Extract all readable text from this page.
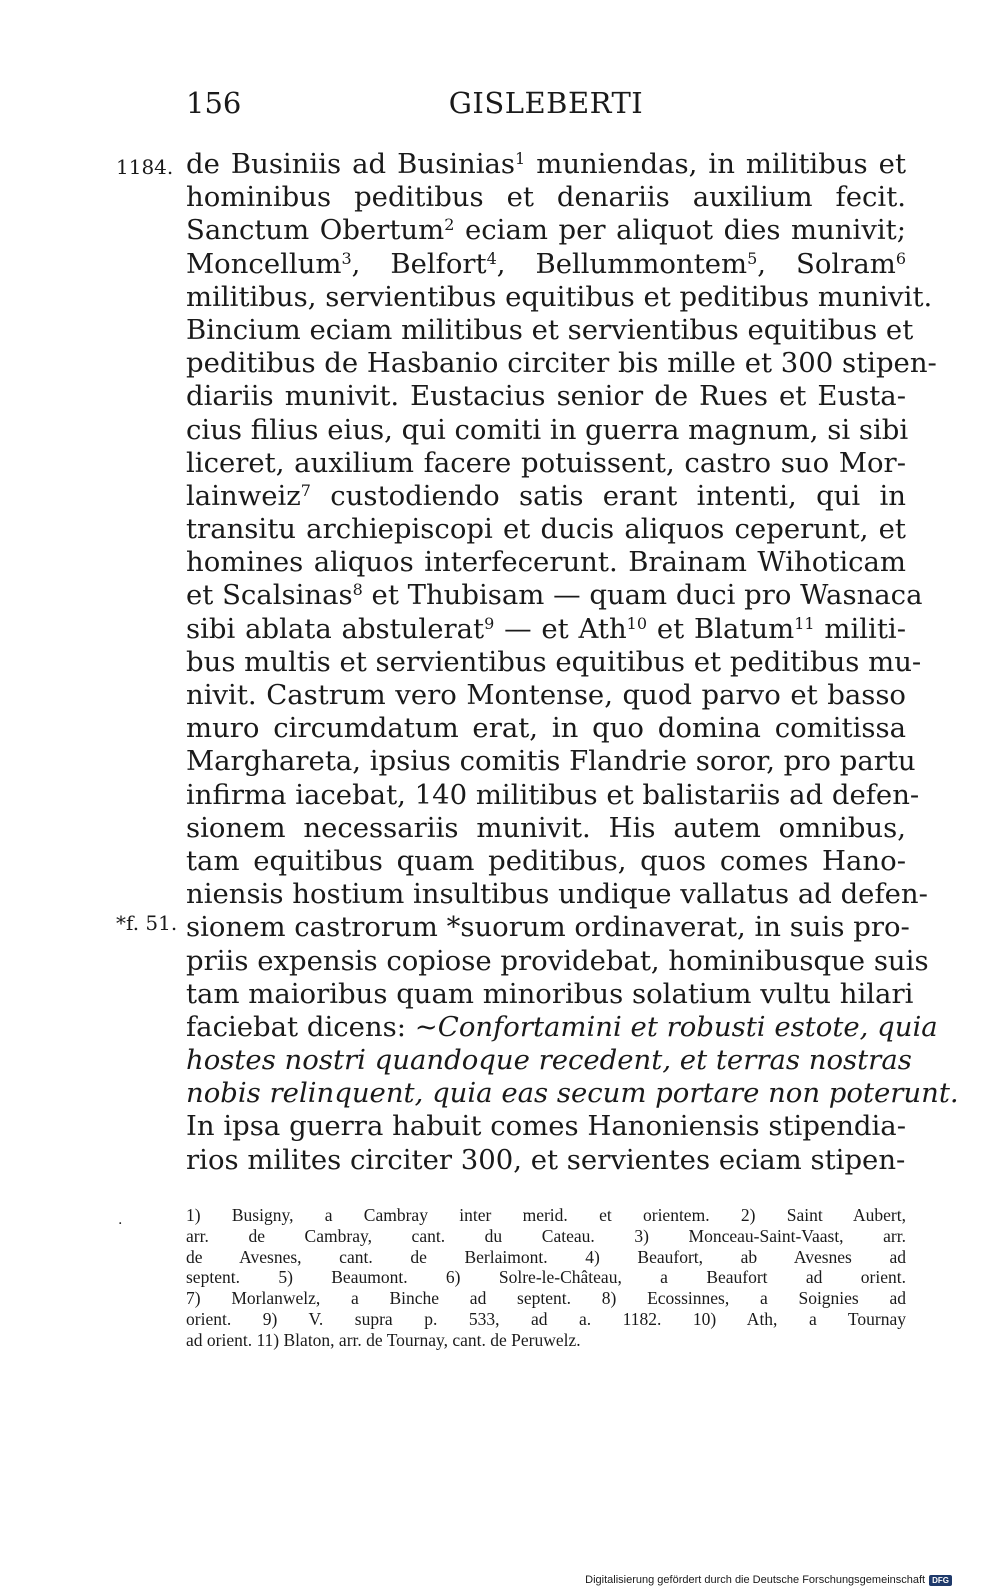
156	GISLEBERTI
1184.
*f. 51.
de Businiis ad Businias$^1$ muniendas, in militibus et
hominibus peditibus et denariis auxilium fecit.
Sanctum Obertum$^2$ eciam per aliquot dies munivit;
Moncellum$^3$, Belfort$^4$, Bellummontem$^5$, Solram$^6$
militibus, servientibus equitibus et peditibus munivit.
Bincium eciam militibus et servientibus equitibus et
peditibus de Hasbanio circiter bis mille et 300 stipen-
diariis munivit. Eustacius senior de Rues et Eusta-
cius filius eius, qui comiti in guerra magnum, si sibi
liceret, auxilium facere potuissent, castro suo Mor-
lainweiz$^7$ custodiendo satis erant intenti, qui in
transitu archiepiscopi et ducis aliquos ceperunt, et
homines aliquos interfecerunt. Brainam Wihoticam
et Scalsinas$^8$ et Thubisam — quam duci pro Wasnaca
sibi ablata abstulerat$^9$ — et Ath$^{10}$ et Blatum$^{11}$ militi-
bus multis et servientibus equitibus et peditibus mu-
nivit. Castrum vero Montense, quod parvo et basso
muro circumdatum erat, in quo domina comitissa
Marghareta, ipsius comitis Flandrie soror, pro partu
infirma iacebat, 140 militibus et balistariis ad defen-
sionem necessariis munivit. His autem omnibus,
tam equitibus quam peditibus, quos comes Hano-
niensis hostium insultibus undique vallatus ad defen-
sionem castrorum *suorum ordinaverat, in suis pro-
priis expensis copiose providebat, hominibusque suis
tam maioribus quam minoribus solatium vultu hilari
faciebat dicens: ~Confortamini et robusti estote, quia
hostes nostri quandoque recedent, et terras nostras
nobis relinquent, quia eas secum portare non poterunt.
In ipsa guerra habuit comes Hanoniensis stipendia-
rios milites circiter 300, et servientes eciam stipen-
.	1) Busigny, a Cambray inter merid. et orientem. 2) Saint Aubert,
arr. de Cambray, cant. du Cateau. 3) Monceau-Saint-Vaast, arr.
de Avesnes, cant. de Berlaimont. 4) Beaufort, ab Avesnes ad
septent. 5) Beaumont. 6) Solre-le-Château, a Beaufort ad orient.
7) Morlanwelz, a Binche ad septent. 8) Ecossinnes, a Soignies ad
orient. 9) V. supra p. 533, ad a. 1182. 10) Ath, a Tournay
ad orient. 11) Blaton, arr. de Tournay, cant. de Peruwelz.
Digitalisierung gefördert durch die Deutsche Forschungsgemeinschaft DFG
